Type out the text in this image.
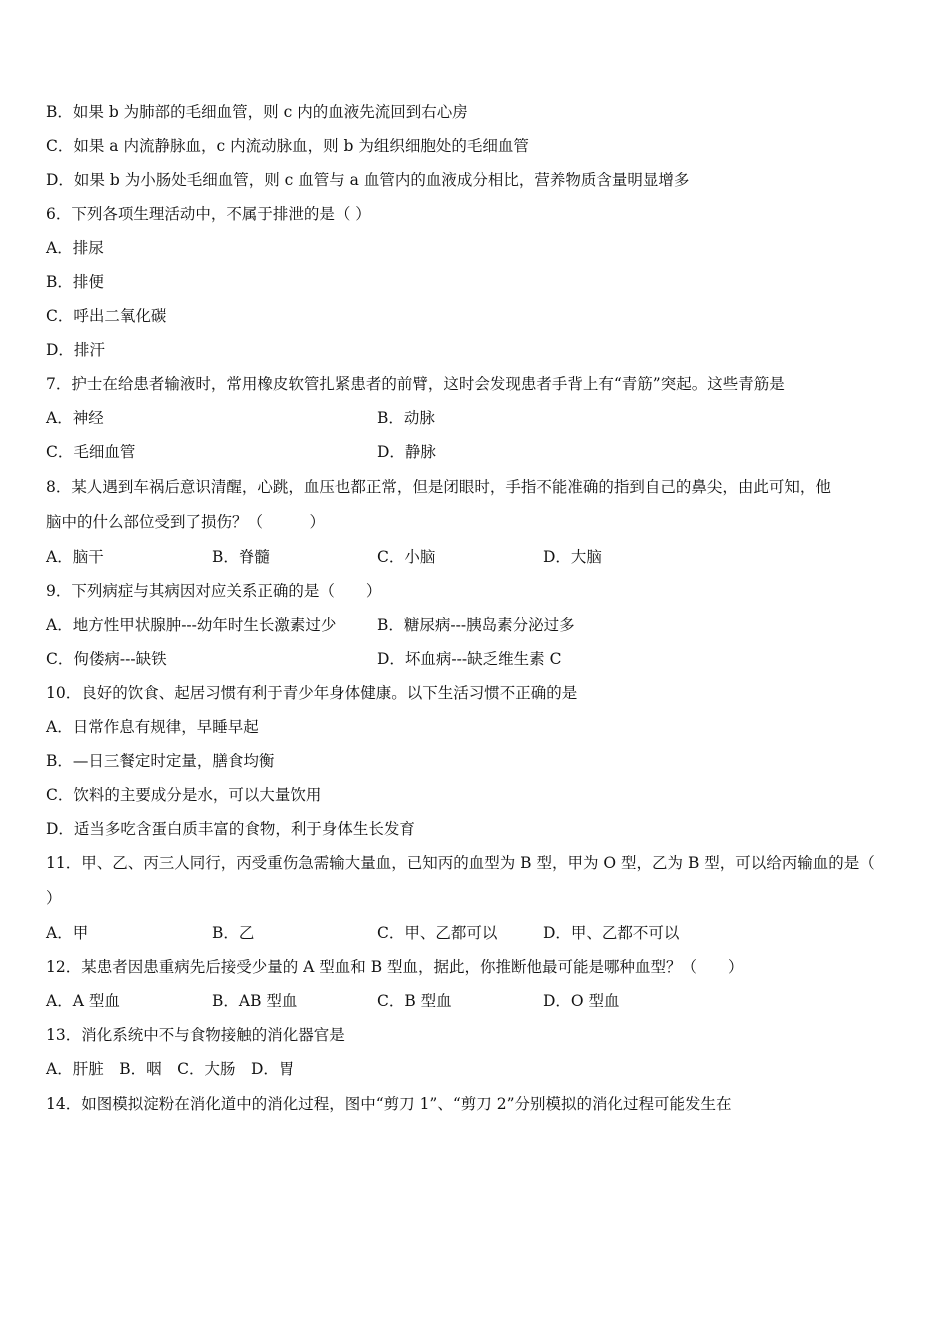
B．如果 b 为肺部的毛细血管，则 c 内的血液先流回到右心房
C．如果 a 内流静脉血，c 内流动脉血，则 b 为组织细胞处的毛细血管
D．如果 b 为小肠处毛细血管，则 c 血管与 a 血管内的血液成分相比，营养物质含量明显增多
6．下列各项生理活动中，不属于排泄的是（ ）
A．排尿
B．排便
C．呼出二氧化碳
D．排汗
7．护士在给患者输液时，常用橡皮软管扎紧患者的前臂，这时会发现患者手背上有“青筋”突起。这些青筋是
A．神经	B．动脉
C．毛细血管	D．静脉
8．某人遇到车祸后意识清醒，心跳，血压也都正常，但是闭眼时，手指不能准确的指到自己的鼻尖，由此可知，他
脑中的什么部位受到了损伤？（　　　）
A．脑干	B．脊髓	C．小脑	D．大脑
9．下列病症与其病因对应关系正确的是（　　）
A．地方性甲状腺肿---幼年时生长激素过少	B．糖尿病---胰岛素分泌过多
C．佝偻病---缺铁	D．坏血病---缺乏维生素 C
10．良好的饮食、起居习惯有利于青少年身体健康。以下生活习惯不正确的是
A．日常作息有规律，早睡早起
B．—日三餐定时定量，膳食均衡
C．饮料的主要成分是水，可以大量饮用
D．适当多吃含蛋白质丰富的食物，利于身体生长发育
11．甲、乙、丙三人同行，丙受重伤急需输大量血，已知丙的血型为 B 型，甲为 O 型，乙为 B 型，可以给丙输血的是（
）
A．甲	B．乙	C．甲、乙都可以	D．甲、乙都不可以
12．某患者因患重病先后接受少量的 A 型血和 B 型血，据此，你推断他最可能是哪种血型？（　　）
A．A 型血	B．AB 型血	C．B 型血	D．O 型血
13．消化系统中不与食物接触的消化器官是
A．肝脏　B．咽　C．大肠　D．胃
14．如图模拟淀粉在消化道中的消化过程，图中“剪刀 1”、“剪刀 2”分别模拟的消化过程可能发生在
